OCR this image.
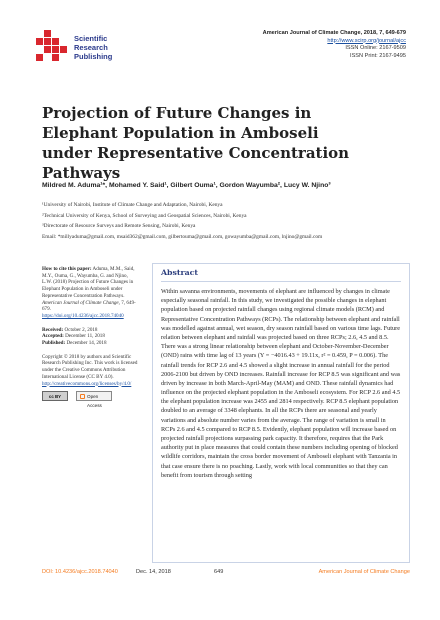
Scientific
Research
Publishing
American Journal of Climate Change, 2018, 7, 649-679
http://www.scirp.org/journal/ajcc
ISSN Online: 2167-9509
ISSN Print: 2167-9495
Projection of Future Changes in Elephant Population in Amboseli under Representative Concentration Pathways
Mildred M. Aduma¹*, Mohamed Y. Said¹, Gilbert Ouma¹, Gordon Wayumba², Lucy W. Njino³
¹University of Nairobi, Institute of Climate Change and Adaptation, Nairobi, Kenya
²Technical University of Kenya, School of Surveying and Geospatial Sciences, Nairobi, Kenya
³Directorate of Resource Surveys and Remote Sensing, Nairobi, Kenya
Email: *millyaduma@gmail.com, msaid362@gmail.com, gilbertouma@gmail.com, gowayumba@gmail.com, lnjino@gmail.com
How to cite this paper: Aduma, M.M., Said, M.Y., Ouma, G., Wayumba, G. and Njino, L.W. (2018) Projection of Future Changes in Elephant Population in Amboseli under Representative Concentration Pathways. American Journal of Climate Change, 7, 649-679.
https://doi.org/10.4236/ajcc.2018.74040
Received: October 2, 2018
Accepted: December 11, 2018
Published: December 14, 2018
Copyright © 2018 by authors and Scientific Research Publishing Inc. This work is licensed under the Creative Commons Attribution International License (CC BY 4.0).
http://creativecommons.org/licenses/by/4.0/
cc BY	Open Access
Abstract

Within savanna environments, movements of elephant are influenced by changes in climate especially seasonal rainfall. In this study, we investigated the possible changes in elephant population based on projected rainfall changes using regional climate models (RCM) and Representative Concentration Pathways (RCPs). The relationship between elephant and rainfall was modelled against annual, wet season, dry season rainfall based on various time lags. Future relation between elephant and rainfall was projected based on three RCPs; 2.6, 4.5 and 8.5. There was a strong linear relationship between elephant and October-November-December (OND) rains with time lag of 13 years (Y = −4016.43 + 19.11x, r² = 0.459, P = 0.006). The rainfall trends for RCP 2.6 and 4.5 showed a slight increase in annual rainfall for the period 2006-2100 but driven by OND increases. Rainfall increase for RCP 8.5 was significant and was driven by increase in both March-April-May (MAM) and OND. These rainfall dynamics had influence on the projected elephant population in the Amboseli ecosystem. For RCP 2.6 and 4.5 the elephant population increase was 2455 and 2814 respectively. RCP 8.5 elephant population doubled to an average of 3348 elephants. In all the RCPs there are seasonal and yearly variations and absolute number varies from the average. The range of variation is small in RCPs 2.6 and 4.5 compared to RCP 8.5. Evidently, elephant population will increase based on projected rainfall projections surpassing park capacity. It therefore, requires that the Park authority put in place measures that could contain these numbers including opening of blocked wildlife corridors, maintain the cross border movement of Amboseli elephant with Tanzania in that case ensure there is no poaching. Lastly, work with local communities so that they can benefit from tourism through setting

DOI: 10.4236/ajcc.2018.74040	Dec. 14, 2018	649	American Journal of Climate Change
